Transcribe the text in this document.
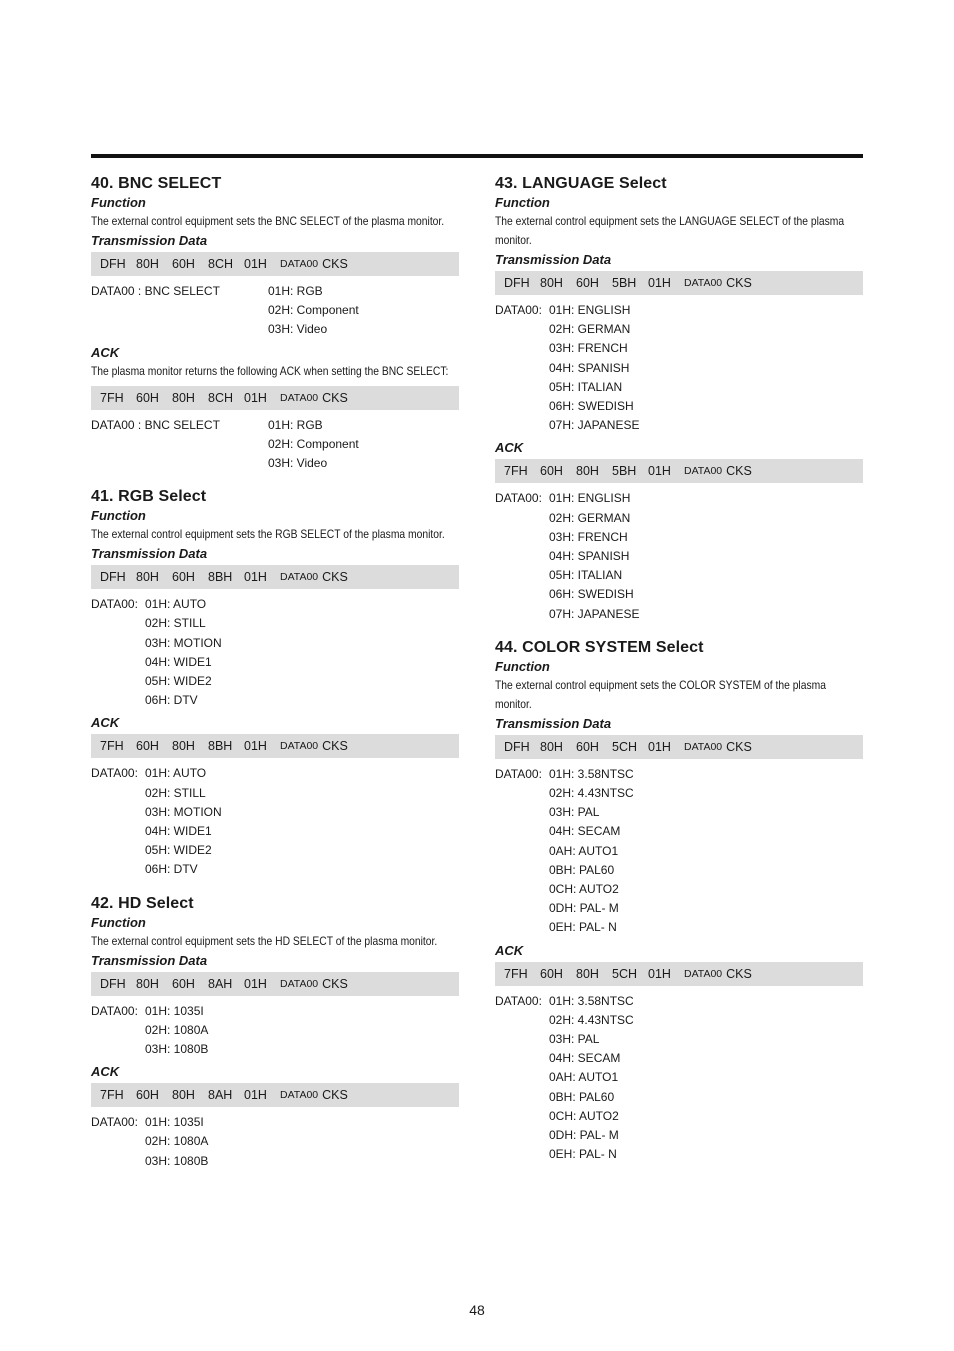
40. BNC SELECT
Function
The external control equipment sets the BNC SELECT of the plasma monitor.
Transmission Data
DFH 80H	60H	8CH 01H	DATA00 CKS
DATA00 : BNC SELECT	01H: RGB
02H: Component
03H: Video
ACK
The plasma monitor returns the following ACK when setting the BNC SELECT:
7FH 60H	80H	8CH 01H	DATA00 CKS
DATA00 : BNC SELECT	01H: RGB
02H: Component
03H: Video
41. RGB Select
Function
The external control equipment sets the RGB SELECT of the plasma monitor.
Transmission Data
DFH 80H	60H	8BH 01H	DATA00 CKS
DATA00: 01H: AUTO
02H: STILL
03H: MOTION
04H: WIDE1
05H: WIDE2
06H: DTV
ACK
7FH 60H	80H	8BH 01H	DATA00 CKS
DATA00: 01H: AUTO
02H: STILL
03H: MOTION
04H: WIDE1
05H: WIDE2
06H: DTV
42. HD Select
Function
The external control equipment sets the HD SELECT of the plasma monitor.
Transmission Data
DFH 80H	60H	8AH 01H	DATA00 CKS
DATA00: 01H: 1035I
02H: 1080A
03H: 1080B
ACK
7FH 60H	80H	8AH 01H	DATA00 CKS
DATA00: 01H: 1035I
02H: 1080A
03H: 1080B
43. LANGUAGE Select
Function
The external control equipment sets the LANGUAGE SELECT of the plasma monitor.
Transmission Data
DFH 80H	60H	5BH 01H	DATA00 CKS
DATA00: 01H: ENGLISH
02H: GERMAN
03H: FRENCH
04H: SPANISH
05H: ITALIAN
06H: SWEDISH
07H: JAPANESE
ACK
7FH 60H	80H	5BH 01H	DATA00 CKS
DATA00: 01H: ENGLISH
02H: GERMAN
03H: FRENCH
04H: SPANISH
05H: ITALIAN
06H: SWEDISH
07H: JAPANESE
44. COLOR SYSTEM Select
Function
The external control equipment sets the COLOR SYSTEM of the plasma monitor.
Transmission Data
DFH 80H	60H	5CH 01H	DATA00 CKS
DATA00: 01H: 3.58NTSC
02H: 4.43NTSC
03H: PAL
04H: SECAM
0AH: AUTO1
0BH: PAL60
0CH: AUTO2
0DH: PAL- M
0EH: PAL- N
ACK
7FH 60H	80H	5CH 01H	DATA00 CKS
DATA00: 01H: 3.58NTSC
02H: 4.43NTSC
03H: PAL
04H: SECAM
0AH: AUTO1
0BH: PAL60
0CH: AUTO2
0DH: PAL- M
0EH: PAL- N
48
